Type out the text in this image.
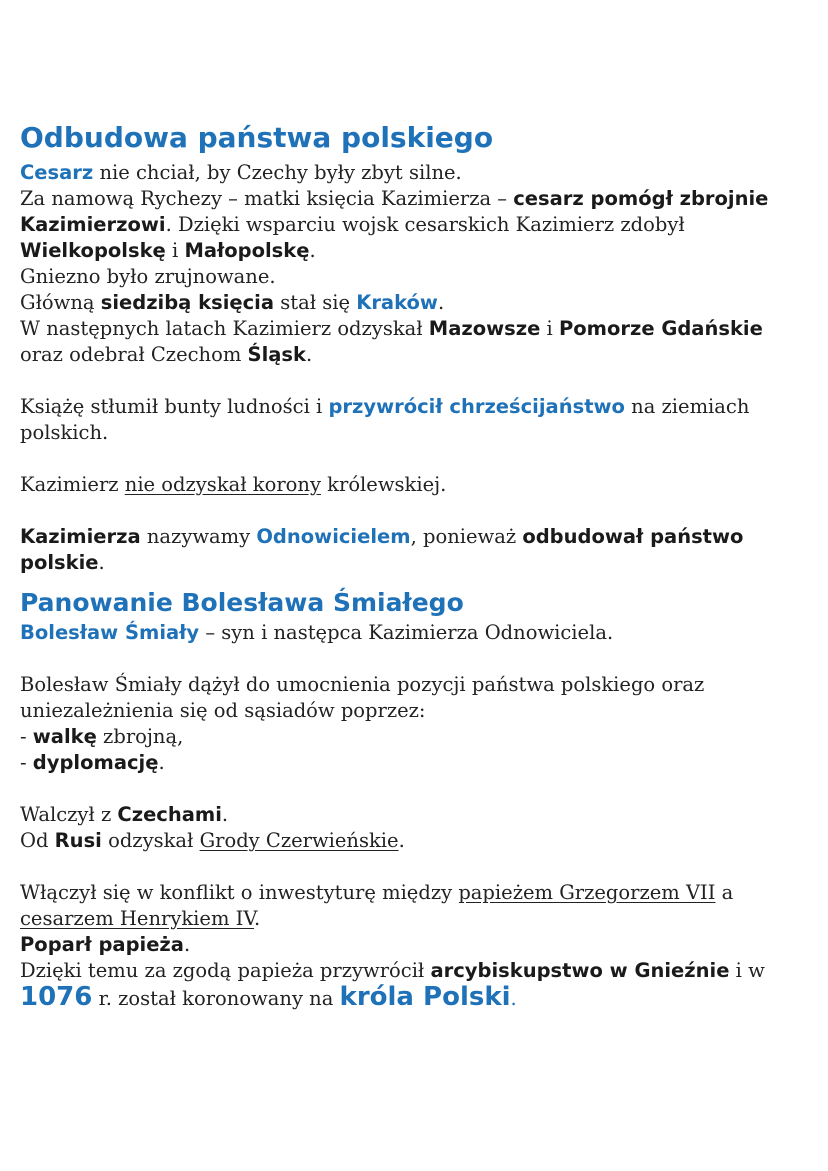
Odbudowa państwa polskiego

Cesarz nie chciał, by Czechy były zbyt silne.
Za namową Rychezy – matki księcia Kazimierza – cesarz pomógł zbrojnie Kazimierzowi. Dzięki wsparciu wojsk cesarskich Kazimierz zdobył Wielkopolskę i Małopolskę.
Gniezno było zrujnowane.
Główną siedzibą księcia stał się Kraków.
W następnych latach Kazimierz odzyskał Mazowsze i Pomorze Gdańskie oraz odebrał Czechom Śląsk.

Książę stłumił bunty ludności i przywrócił chrześcijaństwo na ziemiach polskich.

Kazimierz nie odzyskał korony królewskiej.

Kazimierza nazywamy Odnowicielem, ponieważ odbudował państwo polskie.

Panowanie Bolesława Śmiałego

Bolesław Śmiały – syn i następca Kazimierza Odnowiciela.

Bolesław Śmiały dążył do umocnienia pozycji państwa polskiego oraz uniezależnienia się od sąsiadów poprzez:
- walkę zbrojną,
- dyplomację.

Walczył z Czechami.
Od Rusi odzyskał Grody Czerwieńskie.

Włączył się w konflikt o inwestyturę między papieżem Grzegorzem VII a cesarzem Henrykiem IV.
Poparł papieża.
Dzięki temu za zgodą papieża przywrócił arcybiskupstwo w Gnieźnie i w 1076 r. został koronowany na króla Polski.
